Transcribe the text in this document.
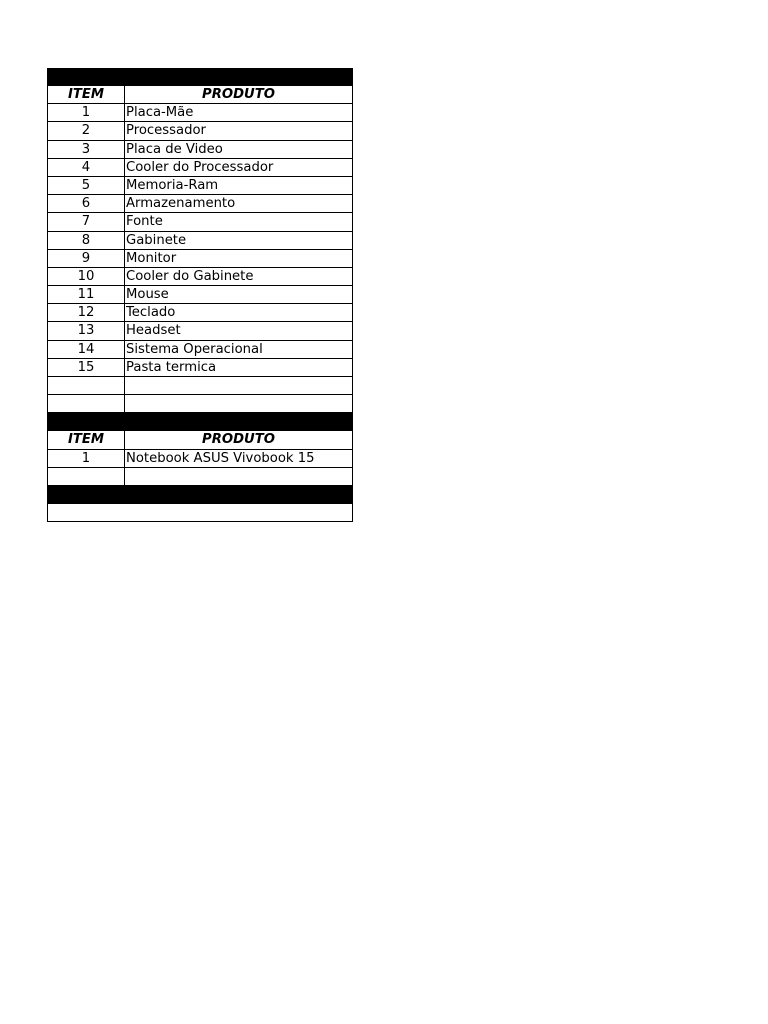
ITEM	PRODUTO
1	Placa-Mãe
2	Processador
3	Placa de Video
4	Cooler do Processador
5	Memoria-Ram
6	Armazenamento
7	Fonte
8	Gabinete
9	Monitor
10	Cooler do Gabinete
11	Mouse
12	Teclado
13	Headset
14	Sistema Operacional
15	Pasta termica
ITEM	PRODUTO
1	Notebook ASUS Vivobook 15
